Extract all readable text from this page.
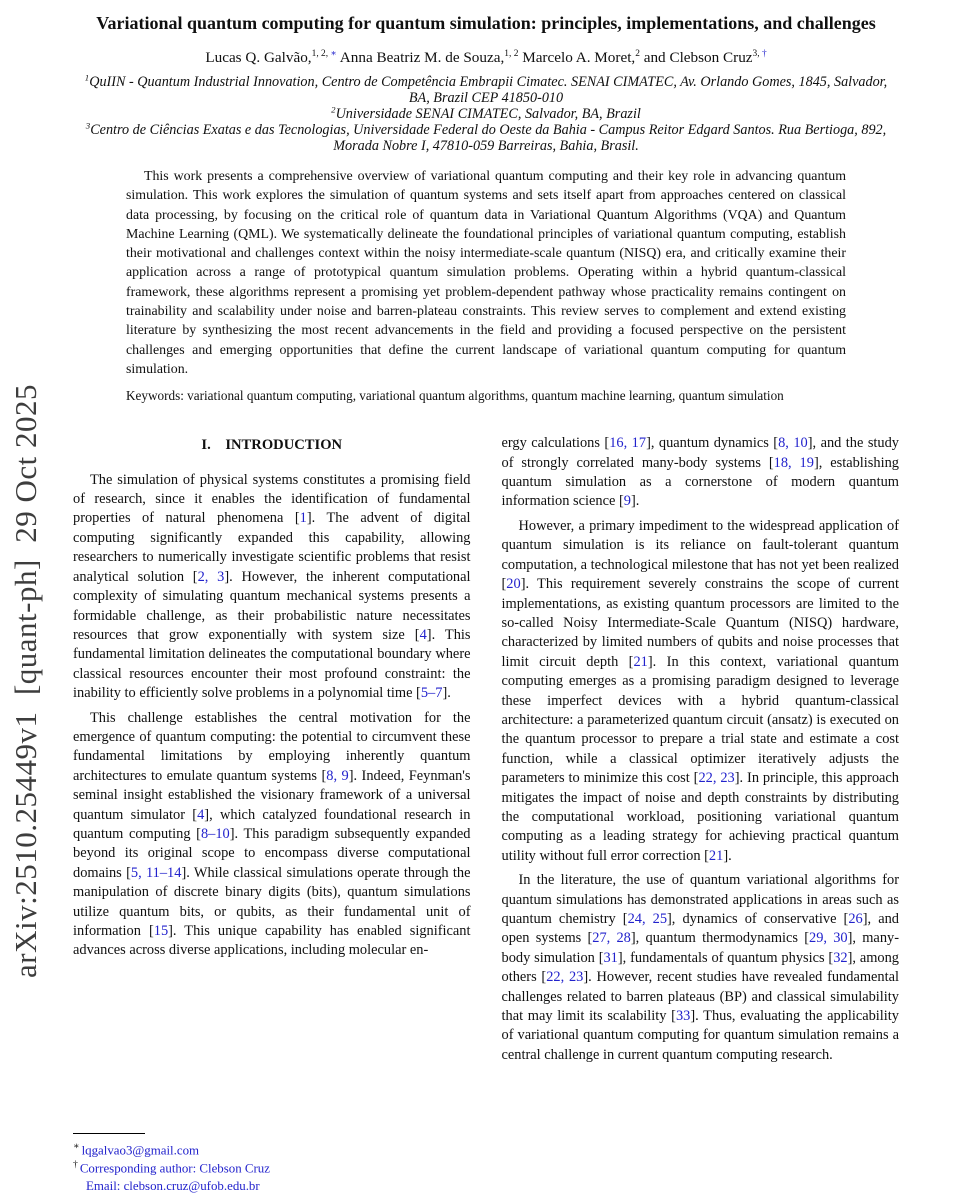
arXiv:2510.25449v1  [quant-ph]  29 Oct 2025
Variational quantum computing for quantum simulation: principles, implementations, and challenges
Lucas Q. Galvão,$^{1, 2, ∗}$ Anna Beatriz M. de Souza,$^{1, 2}$ Marcelo A. Moret,$^2$ and Clebson Cruz$^{3, \dagger}$
$^1$QuIIN - Quantum Industrial Innovation, Centro de Competência Embrapii Cimatec. SENAI CIMATEC, Av. Orlando Gomes, 1845, Salvador, BA, Brazil CEP 41850-010
$^2$Universidade SENAI CIMATEC, Salvador, BA, Brazil
$^3$Centro de Ciências Exatas e das Tecnologias, Universidade Federal do Oeste da Bahia - Campus Reitor Edgard Santos. Rua Bertioga, 892, Morada Nobre I, 47810-059 Barreiras, Bahia, Brasil.
This work presents a comprehensive overview of variational quantum computing and their key role in advancing quantum simulation. This work explores the simulation of quantum systems and sets itself apart from approaches centered on classical data processing, by focusing on the critical role of quantum data in Variational Quantum Algorithms (VQA) and Quantum Machine Learning (QML). We systematically delineate the foundational principles of variational quantum computing, establish their motivational and challenges context within the noisy intermediate-scale quantum (NISQ) era, and critically examine their application across a range of prototypical quantum simulation problems. Operating within a hybrid quantum-classical framework, these algorithms represent a promising yet problem-dependent pathway whose practicality remains contingent on trainability and scalability under noise and barren-plateau constraints. This review serves to complement and extend existing literature by synthesizing the most recent advancements in the field and providing a focused perspective on the persistent challenges and emerging opportunities that define the current landscape of variational quantum computing for quantum simulation.
Keywords: variational quantum computing, variational quantum algorithms, quantum machine learning, quantum simulation
I. INTRODUCTION

The simulation of physical systems constitutes a promising field of research, since it enables the identification of fundamental properties of natural phenomena [1]. The advent of digital computing significantly expanded this capability, allowing researchers to numerically investigate scientific problems that resist analytical solution [2, 3]. However, the inherent computational complexity of simulating quantum mechanical systems presents a formidable challenge, as their probabilistic nature necessitates resources that grow exponentially with system size [4]. This fundamental limitation delineates the computational boundary where classical resources encounter their most profound constraint: the inability to efficiently solve problems in a polynomial time [5–7].

This challenge establishes the central motivation for the emergence of quantum computing: the potential to circumvent these fundamental limitations by employing inherently quantum architectures to emulate quantum systems [8, 9]. Indeed, Feynman's seminal insight established the visionary framework of a universal quantum simulator [4], which catalyzed foundational research in quantum computing [8–10]. This paradigm subsequently expanded beyond its original scope to encompass diverse computational domains [5, 11–14]. While classical simulations operate through the manipulation of discrete binary digits (bits), quantum simulations utilize quantum bits, or qubits, as their fundamental unit of information [15]. This unique capability has enabled significant advances across diverse applications, including molecular en-

∗ lqgalvao3@gmail.com
† Corresponding author: Clebson Cruz
Email: clebson.cruz@ufob.edu.br

ergy calculations [16, 17], quantum dynamics [8, 10], and the study of strongly correlated many-body systems [18, 19], establishing quantum simulation as a cornerstone of modern quantum information science [9].

However, a primary impediment to the widespread application of quantum simulation is its reliance on fault-tolerant quantum computation, a technological milestone that has not yet been realized [20]. This requirement severely constrains the scope of current implementations, as existing quantum processors are limited to the so-called Noisy Intermediate-Scale Quantum (NISQ) hardware, characterized by limited numbers of qubits and noise processes that limit circuit depth [21]. In this context, variational quantum computing emerges as a promising paradigm designed to leverage these imperfect devices with a hybrid quantum-classical architecture: a parameterized quantum circuit (ansatz) is executed on the quantum processor to prepare a trial state and estimate a cost function, while a classical optimizer iteratively adjusts the parameters to minimize this cost [22, 23]. In principle, this approach mitigates the impact of noise and depth constraints by distributing the computational workload, positioning variational quantum computing as a leading strategy for achieving practical quantum utility without full error correction [21].

In the literature, the use of quantum variational algorithms for quantum simulations has demonstrated applications in areas such as quantum chemistry [24, 25], dynamics of conservative [26], and open systems [27, 28], quantum thermodynamics [29, 30], many-body simulation [31], fundamentals of quantum physics [32], among others [22, 23]. However, recent studies have revealed fundamental challenges related to barren plateaus (BP) and classical simulability that may limit its scalability [33]. Thus, evaluating the applicability of variational quantum computing for quantum simulation remains a central challenge in current quantum computing research.
